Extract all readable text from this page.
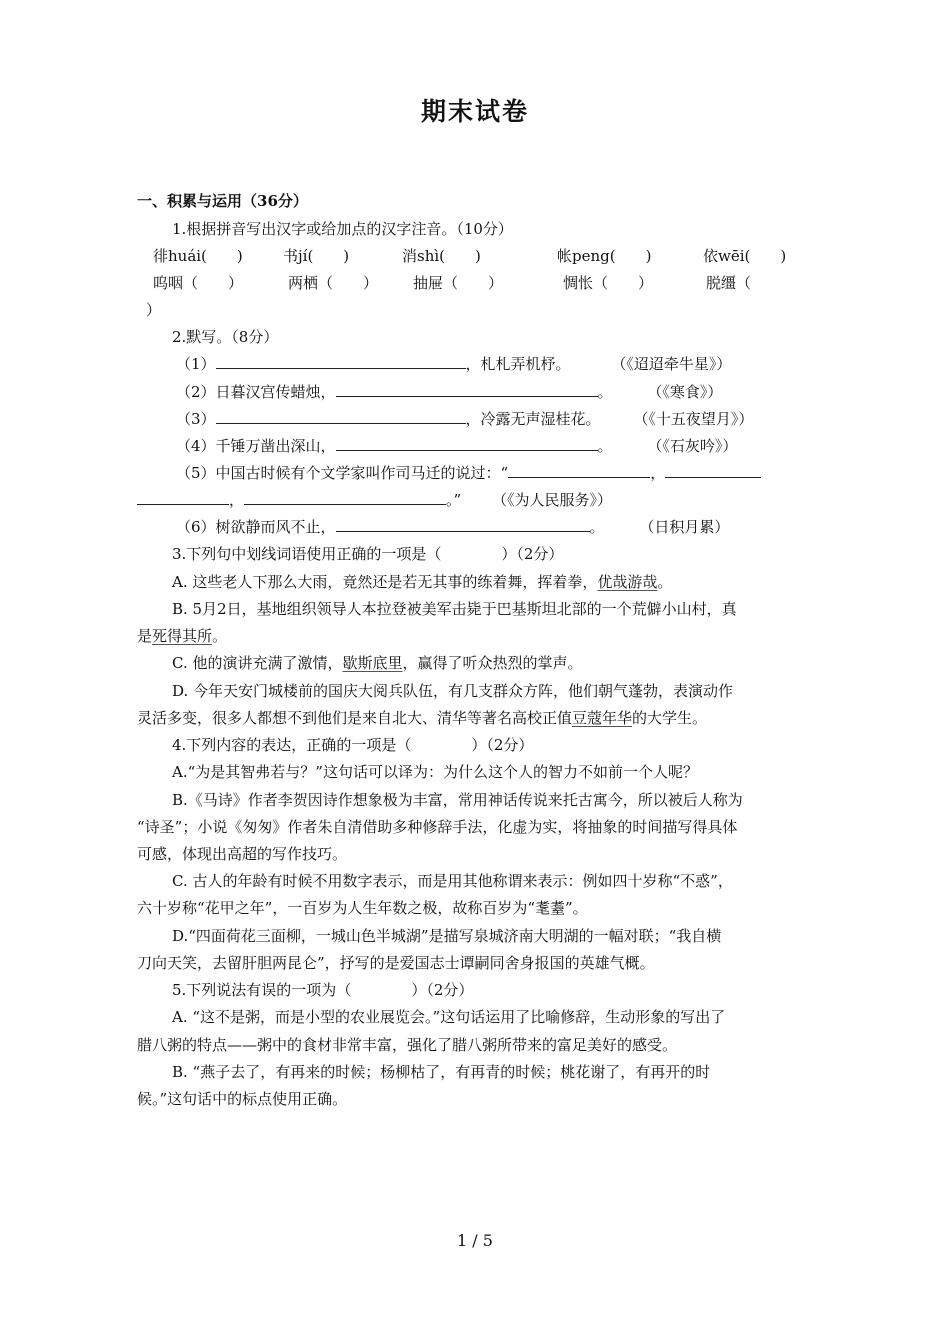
期末试卷
一、积累与运用（36分）
1.根据拼音写出汉字或给加点的汉字注音。（10分）
徘huái(　　)	书jí(　　)	消shì(　　)	帐peng(　　)	依wēi(　　)
呜咽（　　）	两栖（　　） 抽屉（　　）	惆怅（　　）	脱缰（
）
2.默写。（8分）
（1）	，札札弄机杼。	（《迢迢牵牛星》）
（2）日暮汉宫传蜡烛，	。 （《寒食》）
（3）	，冷露无声湿桂花。 （《十五夜望月》）
（4）千锤万凿出深山，	。 （《石灰吟》）
（5）中国古时候有个文学家叫作司马迁的说过：“	，
，	。” （《为人民服务》）
（6）树欲静而风不止，	。 （日积月累）
3.下列句中划线词语使用正确的一项是（　　　　）（2分）
A. 这些老人下那么大雨，竟然还是若无其事的练着舞，挥着拳，优哉游哉。
B. 5月2日，基地组织领导人本拉登被美军击毙于巴基斯坦北部的一个荒僻小山村，真
是死得其所。
C. 他的演讲充满了激情，歇斯底里，赢得了听众热烈的掌声。
D. 今年天安门城楼前的国庆大阅兵队伍，有几支群众方阵，他们朝气蓬勃，表演动作
灵活多变，很多人都想不到他们是来自北大、清华等著名高校正值豆蔻年华的大学生。
4.下列内容的表达，正确的一项是（　　　　）（2分）
A.“为是其智弗若与？”这句话可以译为：为什么这个人的智力不如前一个人呢？
B.《马诗》作者李贺因诗作想象极为丰富，常用神话传说来托古寓今，所以被后人称为
“诗圣”；小说《匆匆》作者朱自清借助多种修辞手法，化虚为实，将抽象的时间描写得具体
可感，体现出高超的写作技巧。
C. 古人的年龄有时候不用数字表示，而是用其他称谓来表示：例如四十岁称“不惑”，
六十岁称“花甲之年”，一百岁为人生年数之极，故称百岁为“耄耋”。
D.“四面荷花三面柳，一城山色半城湖”是描写泉城济南大明湖的一幅对联；“我自横
刀向天笑，去留肝胆两昆仑”，抒写的是爱国志士谭嗣同舍身报国的英雄气概。
5.下列说法有误的一项为（　　　　）（2分）
A. “这不是粥，而是小型的农业展览会。”这句话运用了比喻修辞，生动形象的写出了
腊八粥的特点——粥中的食材非常丰富，强化了腊八粥所带来的富足美好的感受。
B. “燕子去了，有再来的时候；杨柳枯了，有再青的时候；桃花谢了，有再开的时
候。”这句话中的标点使用正确。
1 / 5
